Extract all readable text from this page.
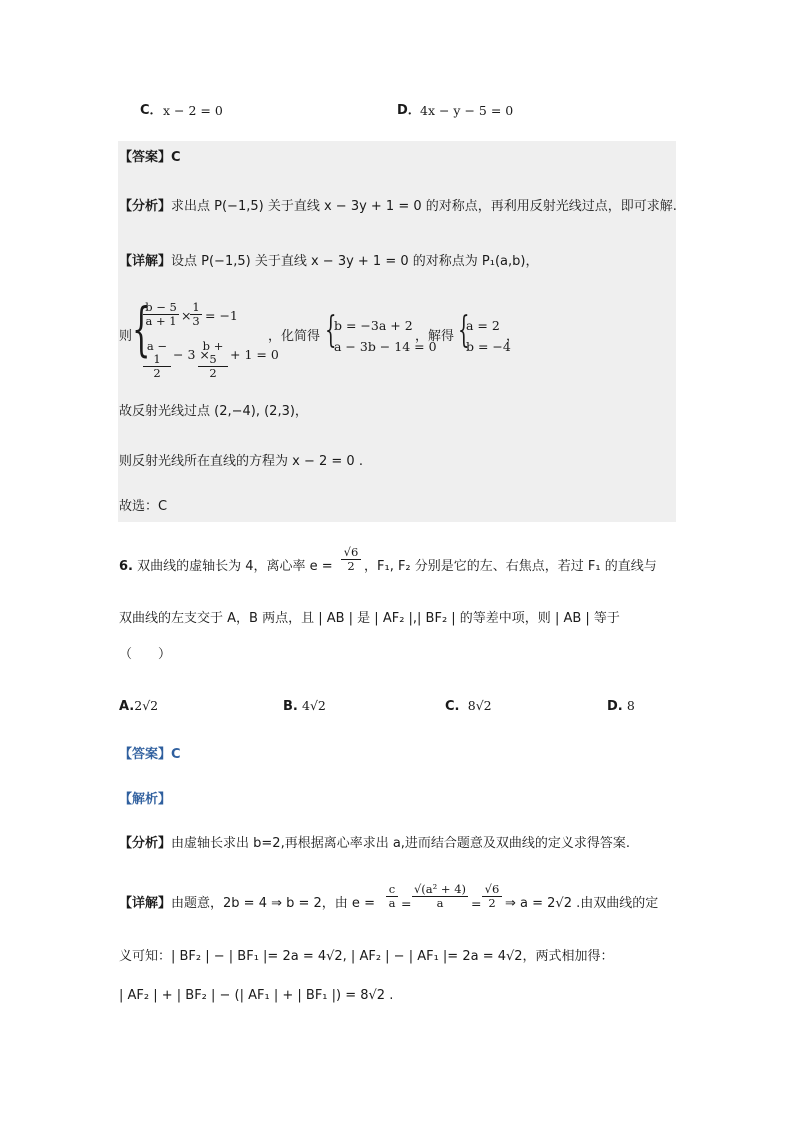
C． x − 2 = 0	D． 4x − y − 5 = 0
【答案】C
【分析】求出点 P(−1,5) 关于直线 x − 3y + 1 = 0 的对称点，再利用反射光线过点，即可求解.
【详解】设点 P(−1,5) 关于直线 x − 3y + 1 = 0 的对称点为 P₁(a,b)，
则 {
b − 5
a + 1 ×
1
3 = −1
a − 1
2
− 3 ×
b + 5
2
+ 1 = 0
，化简得 {
b = −3a + 2
a − 3b − 14 = 0
，解得 {
a = 2
b = −4
，
故反射光线过点 (2,−4), (2,3)，
则反射光线所在直线的方程为 x − 2 = 0 .
故选：C
6. 双曲线的虚轴长为 4，离心率 e =
√6
2 ，F₁, F₂ 分别是它的左、右焦点，若过 F₁ 的直线与
双曲线的左支交于 A，B 两点，且 | AB | 是 | AF₂ |,| BF₂ | 的等差中项，则 | AB | 等于
（　　）
A.2√2	B. 4√2	C. 8√2	D. 8
【答案】C
【解析】
【分析】由虚轴长求出 b=2,再根据离心率求出 a,进而结合题意及双曲线的定义求得答案.
【详解】由题意，2b = 4 ⇒ b = 2，由 e =
c
a =
√(a² + 4)
a	=
√6
2 ⇒ a = 2√2 .由双曲线的定
义可知：| BF₂ | − | BF₁ |= 2a = 4√2, | AF₂ | − | AF₁ |= 2a = 4√2，两式相加得：
| AF₂ | + | BF₂ | − (| AF₁ | + | BF₁ |) = 8√2 .
